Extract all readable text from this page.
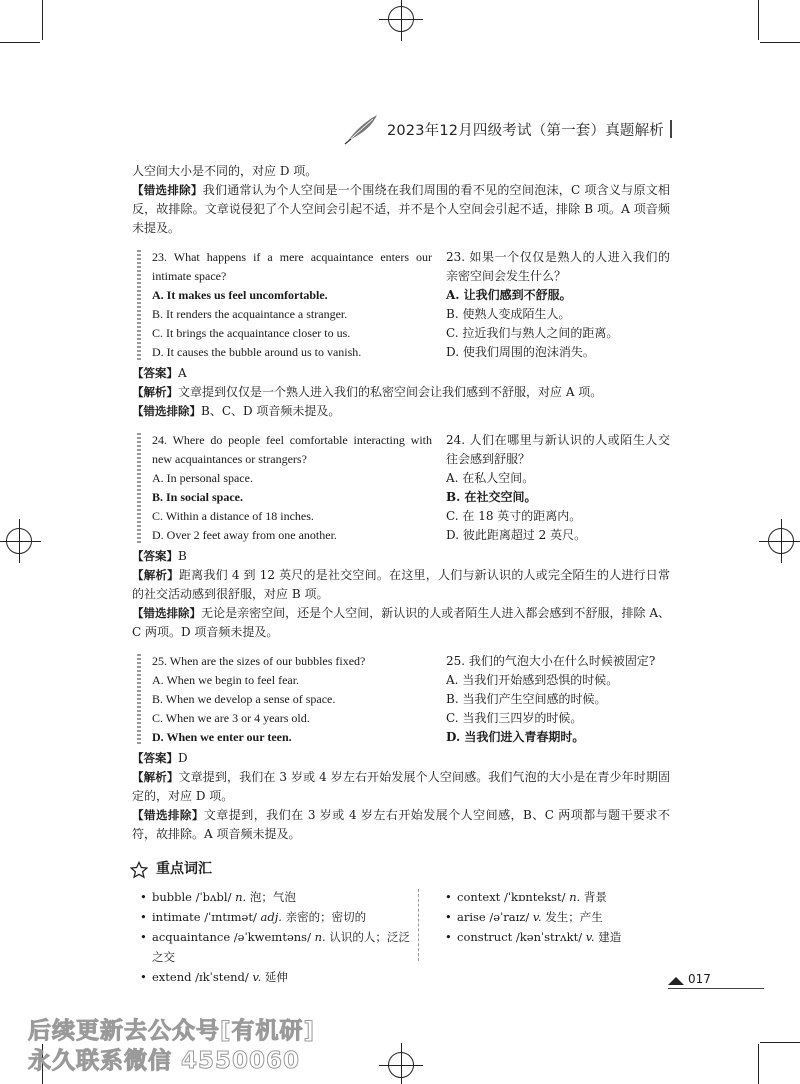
2023年12月四级考试（第一套）真题解析

人空间大小是不同的，对应 D 项。

【错选排除】我们通常认为个人空间是一个围绕在我们周围的看不见的空间泡沫，C 项含义与原文相反，故排除。文章说侵犯了个人空间会引起不适，并不是个人空间会引起不适，排除 B 项。A 项音频未提及。

23. What happens if a mere acquaintance enters our intimate space?
23. 如果一个仅仅是熟人的人进入我们的亲密空间会发生什么？
A. It makes us feel uncomfortable.	A. 让我们感到不舒服。
B. It renders the acquaintance a stranger.	B. 使熟人变成陌生人。
C. It brings the acquaintance closer to us.	C. 拉近我们与熟人之间的距离。
D. It causes the bubble around us to vanish.	D. 使我们周围的泡沫消失。

【答案】A

【解析】文章提到仅仅是一个熟人进入我们的私密空间会让我们感到不舒服，对应 A 项。

【错选排除】B、C、D 项音频未提及。

24. Where do people feel comfortable interacting with new acquaintances or strangers?
24. 人们在哪里与新认识的人或陌生人交往会感到舒服？
A. In personal space.	A. 在私人空间。
B. In social space.	B. 在社交空间。
C. Within a distance of 18 inches.	C. 在 18 英寸的距离内。
D. Over 2 feet away from one another.	D. 彼此距离超过 2 英尺。

【答案】B

【解析】距离我们 4 到 12 英尺的是社交空间。在这里，人们与新认识的人或完全陌生的人进行日常的社交活动感到很舒服，对应 B 项。

【错选排除】无论是亲密空间，还是个人空间，新认识的人或者陌生人进入都会感到不舒服，排除 A、C 两项。D 项音频未提及。

25. When are the sizes of our bubbles fixed?	25. 我们的气泡大小在什么时候被固定?
A. When we begin to feel fear.	A. 当我们开始感到恐惧的时候。
B. When we develop a sense of space.	B. 当我们产生空间感的时候。
C. When we are 3 or 4 years old.	C. 当我们三四岁的时候。
D. When we enter our teen.	D. 当我们进入青春期时。

【答案】D

【解析】文章提到，我们在 3 岁或 4 岁左右开始发展个人空间感。我们气泡的大小是在青少年时期固定的，对应 D 项。

【错选排除】文章提到，我们在 3 岁或 4 岁左右开始发展个人空间感，B、C 两项都与题干要求不符，故排除。A 项音频未提及。

重点词汇
• bubble /ˈbʌbl/ n. 泡；气泡
• intimate /ˈɪntɪmət/ adj. 亲密的；密切的
• acquaintance /əˈkweɪntəns/ n. 认识的人；泛泛之交
• extend /ɪkˈstend/ v. 延伸
• context /ˈkɒntekst/ n. 背景
• arise /əˈraɪz/ v. 发生；产生
• construct /kənˈstrʌkt/ v. 建造
017
后续更新去公众号[有机研]
永久联系微信 4550060
